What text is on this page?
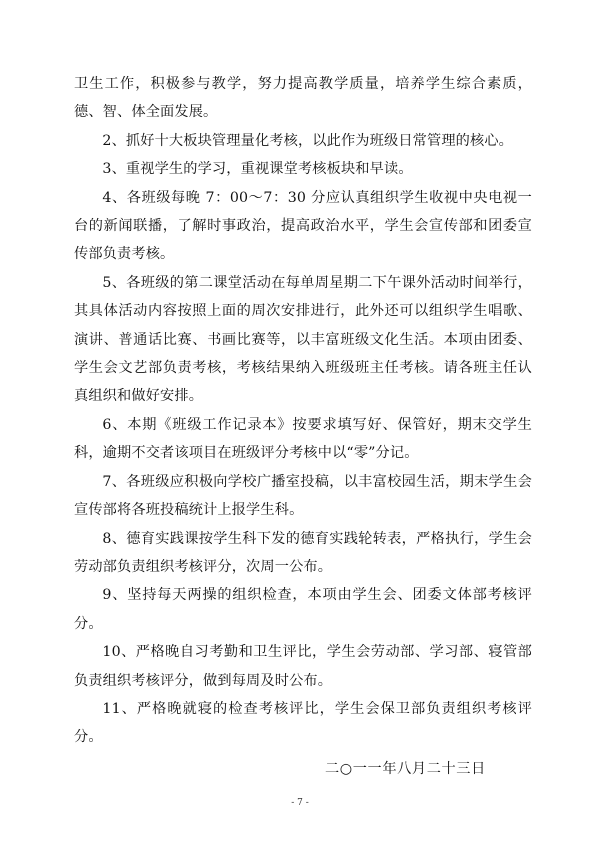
卫生工作，积极参与教学，努力提高教学质量，培养学生综合素质，德、智、体全面发展。

2、抓好十大板块管理量化考核，以此作为班级日常管理的核心。

3、重视学生的学习，重视课堂考核板块和早读。

4、各班级每晚 7：00～7：30 分应认真组织学生收视中央电视一台的新闻联播，了解时事政治，提高政治水平，学生会宣传部和团委宣传部负责考核。

5、各班级的第二课堂活动在每单周星期二下午课外活动时间举行，其具体活动内容按照上面的周次安排进行，此外还可以组织学生唱歌、演讲、普通话比赛、书画比赛等，以丰富班级文化生活。本项由团委、学生会文艺部负责考核，考核结果纳入班级班主任考核。请各班主任认真组织和做好安排。

6、本期《班级工作记录本》按要求填写好、保管好，期末交学生科，逾期不交者该项目在班级评分考核中以“零”分记。

7、各班级应积极向学校广播室投稿，以丰富校园生活，期末学生会宣传部将各班投稿统计上报学生科。

8、德育实践课按学生科下发的德育实践轮转表，严格执行，学生会劳动部负责组织考核评分，次周一公布。

9、坚持每天两操的组织检查，本项由学生会、团委文体部考核评分。

10、严格晚自习考勤和卫生评比，学生会劳动部、学习部、寝管部负责组织考核评分，做到每周及时公布。

11、严格晚就寝的检查考核评比，学生会保卫部负责组织考核评分。

二○一一年八月二十三日
- 7 -
